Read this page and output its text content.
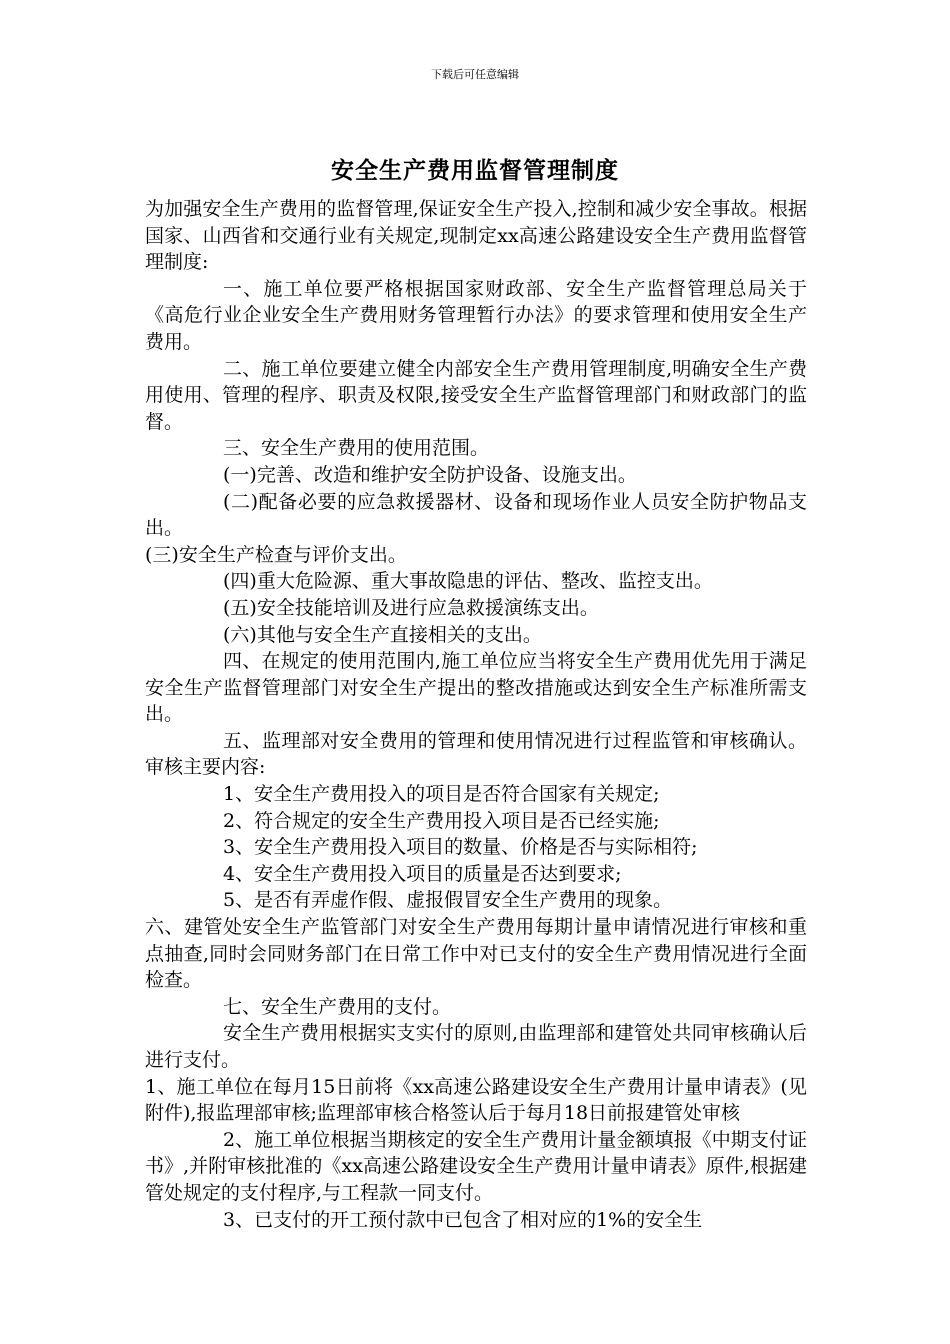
下载后可任意编辑
安全生产费用监督管理制度

为加强安全生产费用的监督管理,保证安全生产投入,控制和减少安全事故。根据国家、山西省和交通行业有关规定,现制定xx高速公路建设安全生产费用监督管理制度:

一、施工单位要严格根据国家财政部、安全生产监督管理总局关于《高危行业企业安全生产费用财务管理暂行办法》的要求管理和使用安全生产费用。

二、施工单位要建立健全内部安全生产费用管理制度,明确安全生产费用使用、管理的程序、职责及权限,接受安全生产监督管理部门和财政部门的监督。

三、安全生产费用的使用范围。

(一)完善、改造和维护安全防护设备、设施支出。

(二)配备必要的应急救援器材、设备和现场作业人员安全防护物品支出。

(三)安全生产检查与评价支出。

(四)重大危险源、重大事故隐患的评估、整改、监控支出。

(五)安全技能培训及进行应急救援演练支出。

(六)其他与安全生产直接相关的支出。

四、在规定的使用范围内,施工单位应当将安全生产费用优先用于满足安全生产监督管理部门对安全生产提出的整改措施或达到安全生产标准所需支出。

五、监理部对安全费用的管理和使用情况进行过程监管和审核确认。审核主要内容:

1、安全生产费用投入的项目是否符合国家有关规定;

2、符合规定的安全生产费用投入项目是否已经实施;

3、安全生产费用投入项目的数量、价格是否与实际相符;

4、安全生产费用投入项目的质量是否达到要求;

5、是否有弄虚作假、虚报假冒安全生产费用的现象。

六、建管处安全生产监管部门对安全生产费用每期计量申请情况进行审核和重点抽查,同时会同财务部门在日常工作中对已支付的安全生产费用情况进行全面检查。

七、安全生产费用的支付。

安全生产费用根据实支实付的原则,由监理部和建管处共同审核确认后进行支付。

1、施工单位在每月15日前将《xx高速公路建设安全生产费用计量申请表》(见附件),报监理部审核;监理部审核合格签认后于每月18日前报建管处审核

2、施工单位根据当期核定的安全生产费用计量金额填报《中期支付证书》,并附审核批准的《xx高速公路建设安全生产费用计量申请表》原件,根据建管处规定的支付程序,与工程款一同支付。

3、已支付的开工预付款中已包含了相对应的1%的安全生
